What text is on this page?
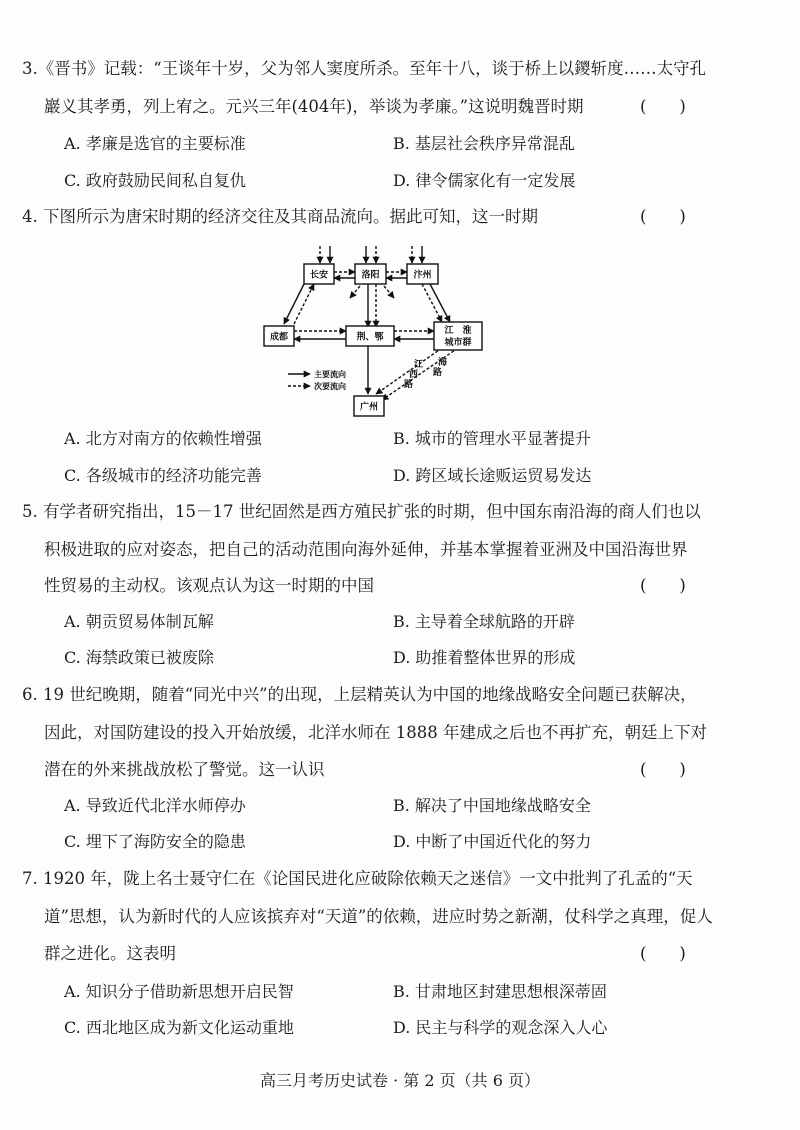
3.《晋书》记载：“王谈年十岁，父为邻人窦度所杀。至年十八，谈于桥上以鑁斩度……太守孔
巖义其孝勇，列上宥之。元兴三年(404年)，举谈为孝廉。”这说明魏晋时期	(　　)
A. 孝廉是选官的主要标准	B. 基层社会秩序异常混乱
C. 政府鼓励民间私自复仇	D. 律令儒家化有一定发展
4. 下图所示为唐宋时期的经济交往及其商品流向。据此可知，这一时期	(　　)
长安	洛阳	汴州
成都	荆、鄂
江　淮
城市群
广州
江
西
路
海
路
主要流向
次要流向
A. 北方对南方的依赖性增强	B. 城市的管理水平显著提升
C. 各级城市的经济功能完善	D. 跨区域长途贩运贸易发达
5. 有学者研究指出，15－17 世纪固然是西方殖民扩张的时期，但中国东南沿海的商人们也以
积极进取的应对姿态，把自己的活动范围向海外延伸，并基本掌握着亚洲及中国沿海世界
性贸易的主动权。该观点认为这一时期的中国	(　　)
A. 朝贡贸易体制瓦解	B. 主导着全球航路的开辟
C. 海禁政策已被废除	D. 助推着整体世界的形成
6. 19 世纪晚期，随着“同光中兴”的出现，上层精英认为中国的地缘战略安全问题已获解决，
因此，对国防建设的投入开始放缓，北洋水师在 1888 年建成之后也不再扩充，朝廷上下对
潜在的外来挑战放松了警觉。这一认识	(　　)
A. 导致近代北洋水师停办	B. 解决了中国地缘战略安全
C. 埋下了海防安全的隐患	D. 中断了中国近代化的努力
7. 1920 年，陇上名士聂守仁在《论国民进化应破除依赖天之迷信》一文中批判了孔孟的“天
道”思想，认为新时代的人应该摈弃对“天道”的依赖，进应时势之新潮，仗科学之真理，促人
群之进化。这表明	(　　)
A. 知识分子借助新思想开启民智	B. 甘肃地区封建思想根深蒂固
C. 西北地区成为新文化运动重地	D. 民主与科学的观念深入人心
高三月考历史试卷 · 第 2 页（共 6 页）
